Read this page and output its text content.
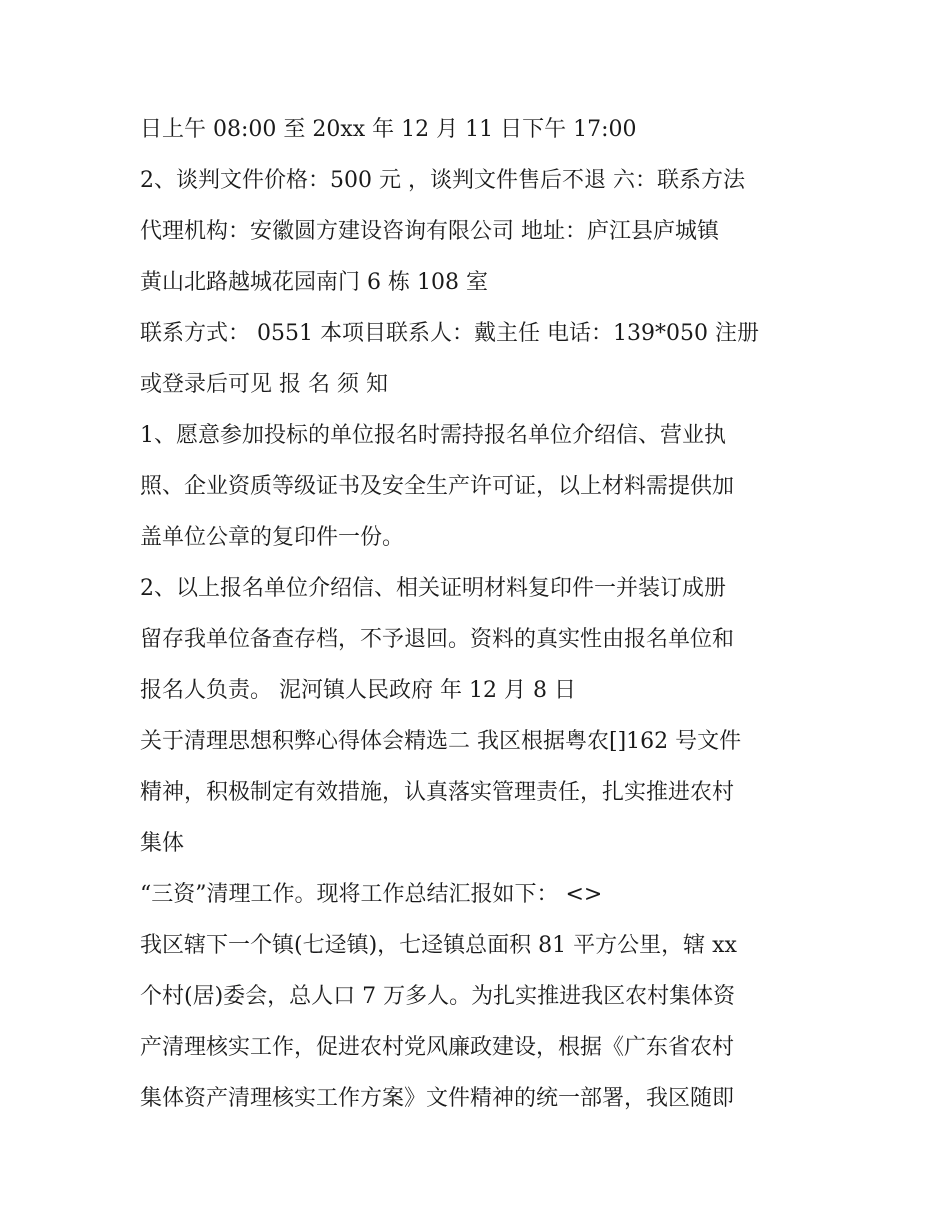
日上午 08:00 至 20xx 年 12 月 11 日下午 17:00
2、谈判文件价格：500 元 ，谈判文件售后不退 六：联系方法
代理机构：安徽圆方建设咨询有限公司 地址：庐江县庐城镇
黄山北路越城花园南门 6 栋 108 室
联系方式： 0551 本项目联系人：戴主任 电话：139*050 注册
或登录后可见 报 名 须 知
1、愿意参加投标的单位报名时需持报名单位介绍信、营业执
照、企业资质等级证书及安全生产许可证，以上材料需提供加
盖单位公章的复印件一份。
2、以上报名单位介绍信、相关证明材料复印件一并装订成册
留存我单位备查存档，不予退回。资料的真实性由报名单位和
报名人负责。 泥河镇人民政府 年 12 月 8 日
关于清理思想积弊心得体会精选二 我区根据粤农[]162 号文件
精神，积极制定有效措施，认真落实管理责任，扎实推进农村
集体
“三资”清理工作。现将工作总结汇报如下： <>
我区辖下一个镇(七迳镇)，七迳镇总面积 81 平方公里，辖 xx
个村(居)委会，总人口 7 万多人。为扎实推进我区农村集体资
产清理核实工作，促进农村党风廉政建设，根据《广东省农村
集体资产清理核实工作方案》文件精神的统一部署，我区随即
